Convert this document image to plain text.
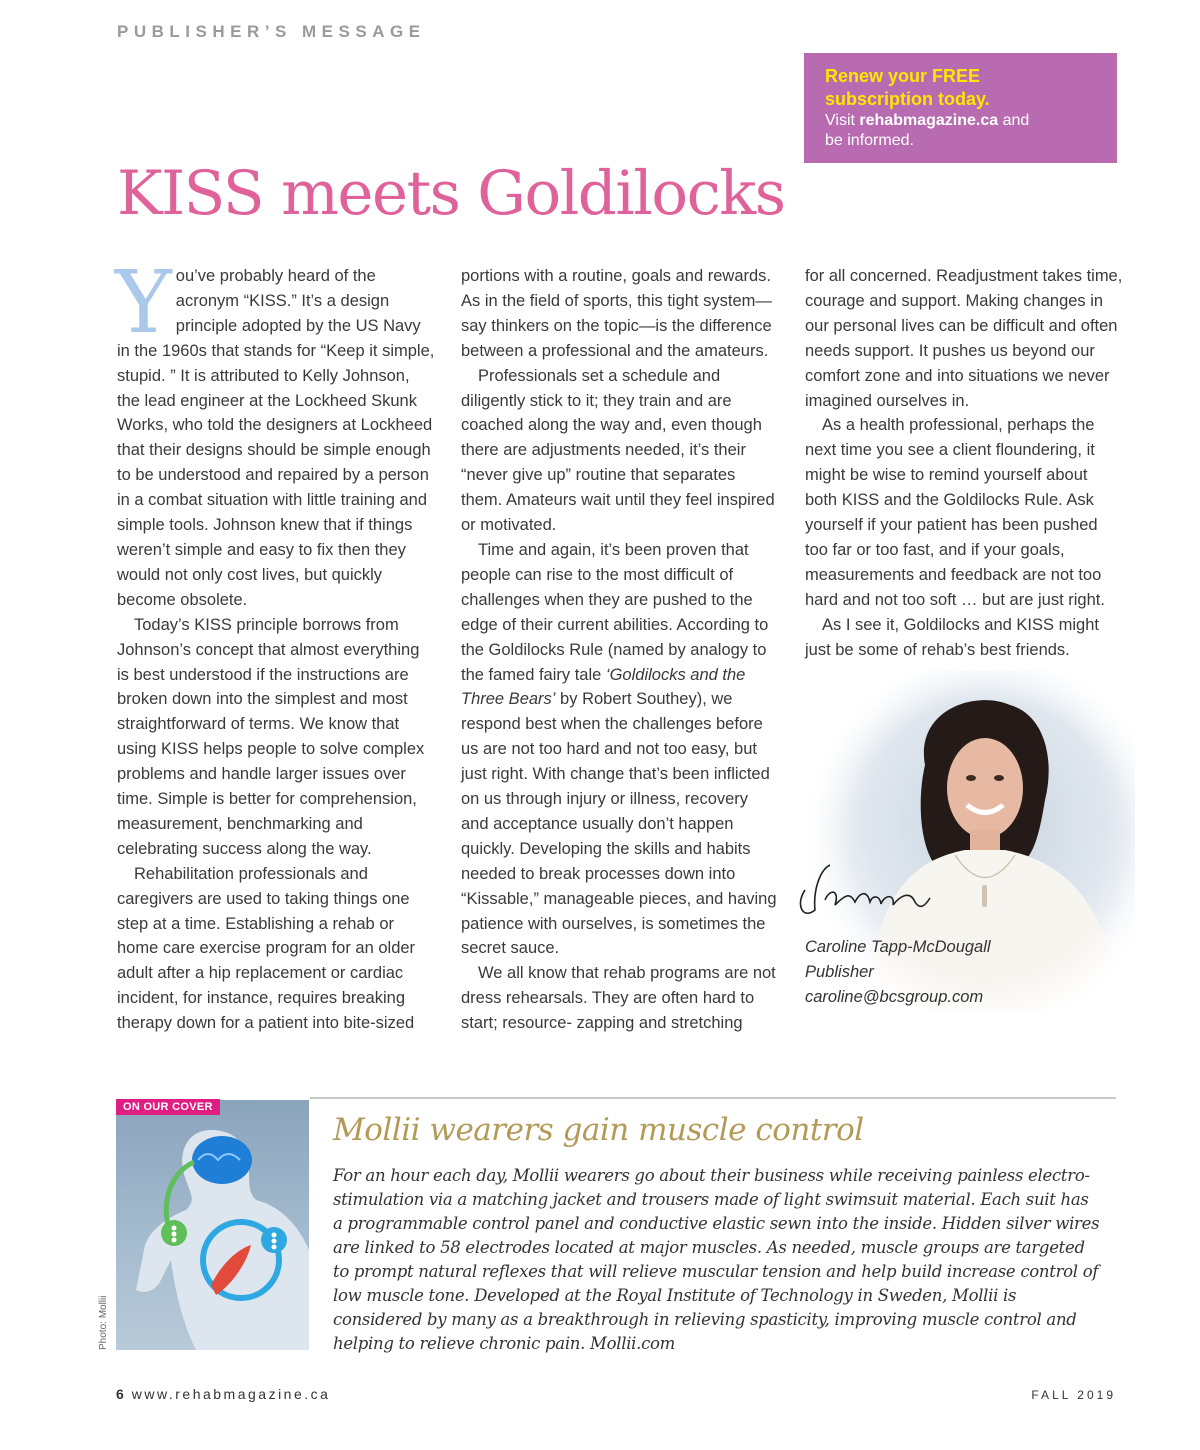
PUBLISHER’S MESSAGE
Renew your FREE
subscription today.
Visit rehabmagazine.ca and
be informed.
KISS meets Goldilocks

You’ve probably heard of the acronym “KISS.” It’s a design principle adopted by the US Navy in the 1960s that stands for “Keep it simple, stupid. ” It is attributed to Kelly Johnson, the lead engineer at the Lockheed Skunk Works, who told the designers at Lockheed that their designs should be simple enough to be understood and repaired by a person in a combat situation with little training and simple tools. Johnson knew that if things weren’t simple and easy to fix then they would not only cost lives, but quickly become obsolete.

Today’s KISS principle borrows from Johnson’s concept that almost everything is best understood if the instructions are broken down into the simplest and most straightforward of terms. We know that using KISS helps people to solve complex problems and handle larger issues over time. Simple is better for comprehension, measurement, benchmarking and celebrating success along the way.

Rehabilitation professionals and caregivers are used to taking things one step at a time. Establishing a rehab or home care exercise program for an older adult after a hip replacement or cardiac incident, for instance, requires breaking therapy down for a patient into bite-sized

portions with a routine, goals and rewards. As in the field of sports, this tight system—say thinkers on the topic—is the difference between a professional and the amateurs.

Professionals set a schedule and diligently stick to it; they train and are coached along the way and, even though there are adjustments needed, it’s their “never give up” routine that separates them. Amateurs wait until they feel inspired or motivated.

Time and again, it’s been proven that people can rise to the most difficult of challenges when they are pushed to the edge of their current abilities. According to the Goldilocks Rule (named by analogy to the famed fairy tale ‘Goldilocks and the Three Bears’ by Robert Southey), we respond best when the challenges before us are not too hard and not too easy, but just right. With change that’s been inflicted on us through injury or illness, recovery and acceptance usually don’t happen quickly. Developing the skills and habits needed to break processes down into “Kissable,” manageable pieces, and having patience with ourselves, is sometimes the secret sauce.

We all know that rehab programs are not dress rehearsals. They are often hard to start; resource- zapping and stretching

for all concerned. Readjustment takes time, courage and support. Making changes in our personal lives can be difficult and often needs support. It pushes us beyond our comfort zone and into situations we never imagined ourselves in.

As a health professional, perhaps the next time you see a client floundering, it might be wise to remind yourself about both KISS and the Goldilocks Rule. Ask yourself if your patient has been pushed too far or too fast, and if your goals, measurements and feedback are not too hard and not too soft … but are just right.

As I see it, Goldilocks and KISS might just be some of rehab’s best friends.

Caroline Tapp-McDougall
Publisher
caroline@bcsgroup.com
ON OUR COVER
Photo: Mollii
Mollii wearers gain muscle control

For an hour each day, Mollii wearers go about their business while receiving painless electro-stimulation via a matching jacket and trousers made of light swimsuit material. Each suit has a programmable control panel and conductive elastic sewn into the inside. Hidden silver wires are linked to 58 electrodes located at major muscles. As needed, muscle groups are targeted to prompt natural reflexes that will relieve muscular tension and help build increase control of low muscle tone. Developed at the Royal Institute of Technology in Sweden, Mollii is considered by many as a breakthrough in relieving spasticity, improving muscle control and helping to relieve chronic pain. Mollii.com

6 www.rehabmagazine.ca	FALL 2019
